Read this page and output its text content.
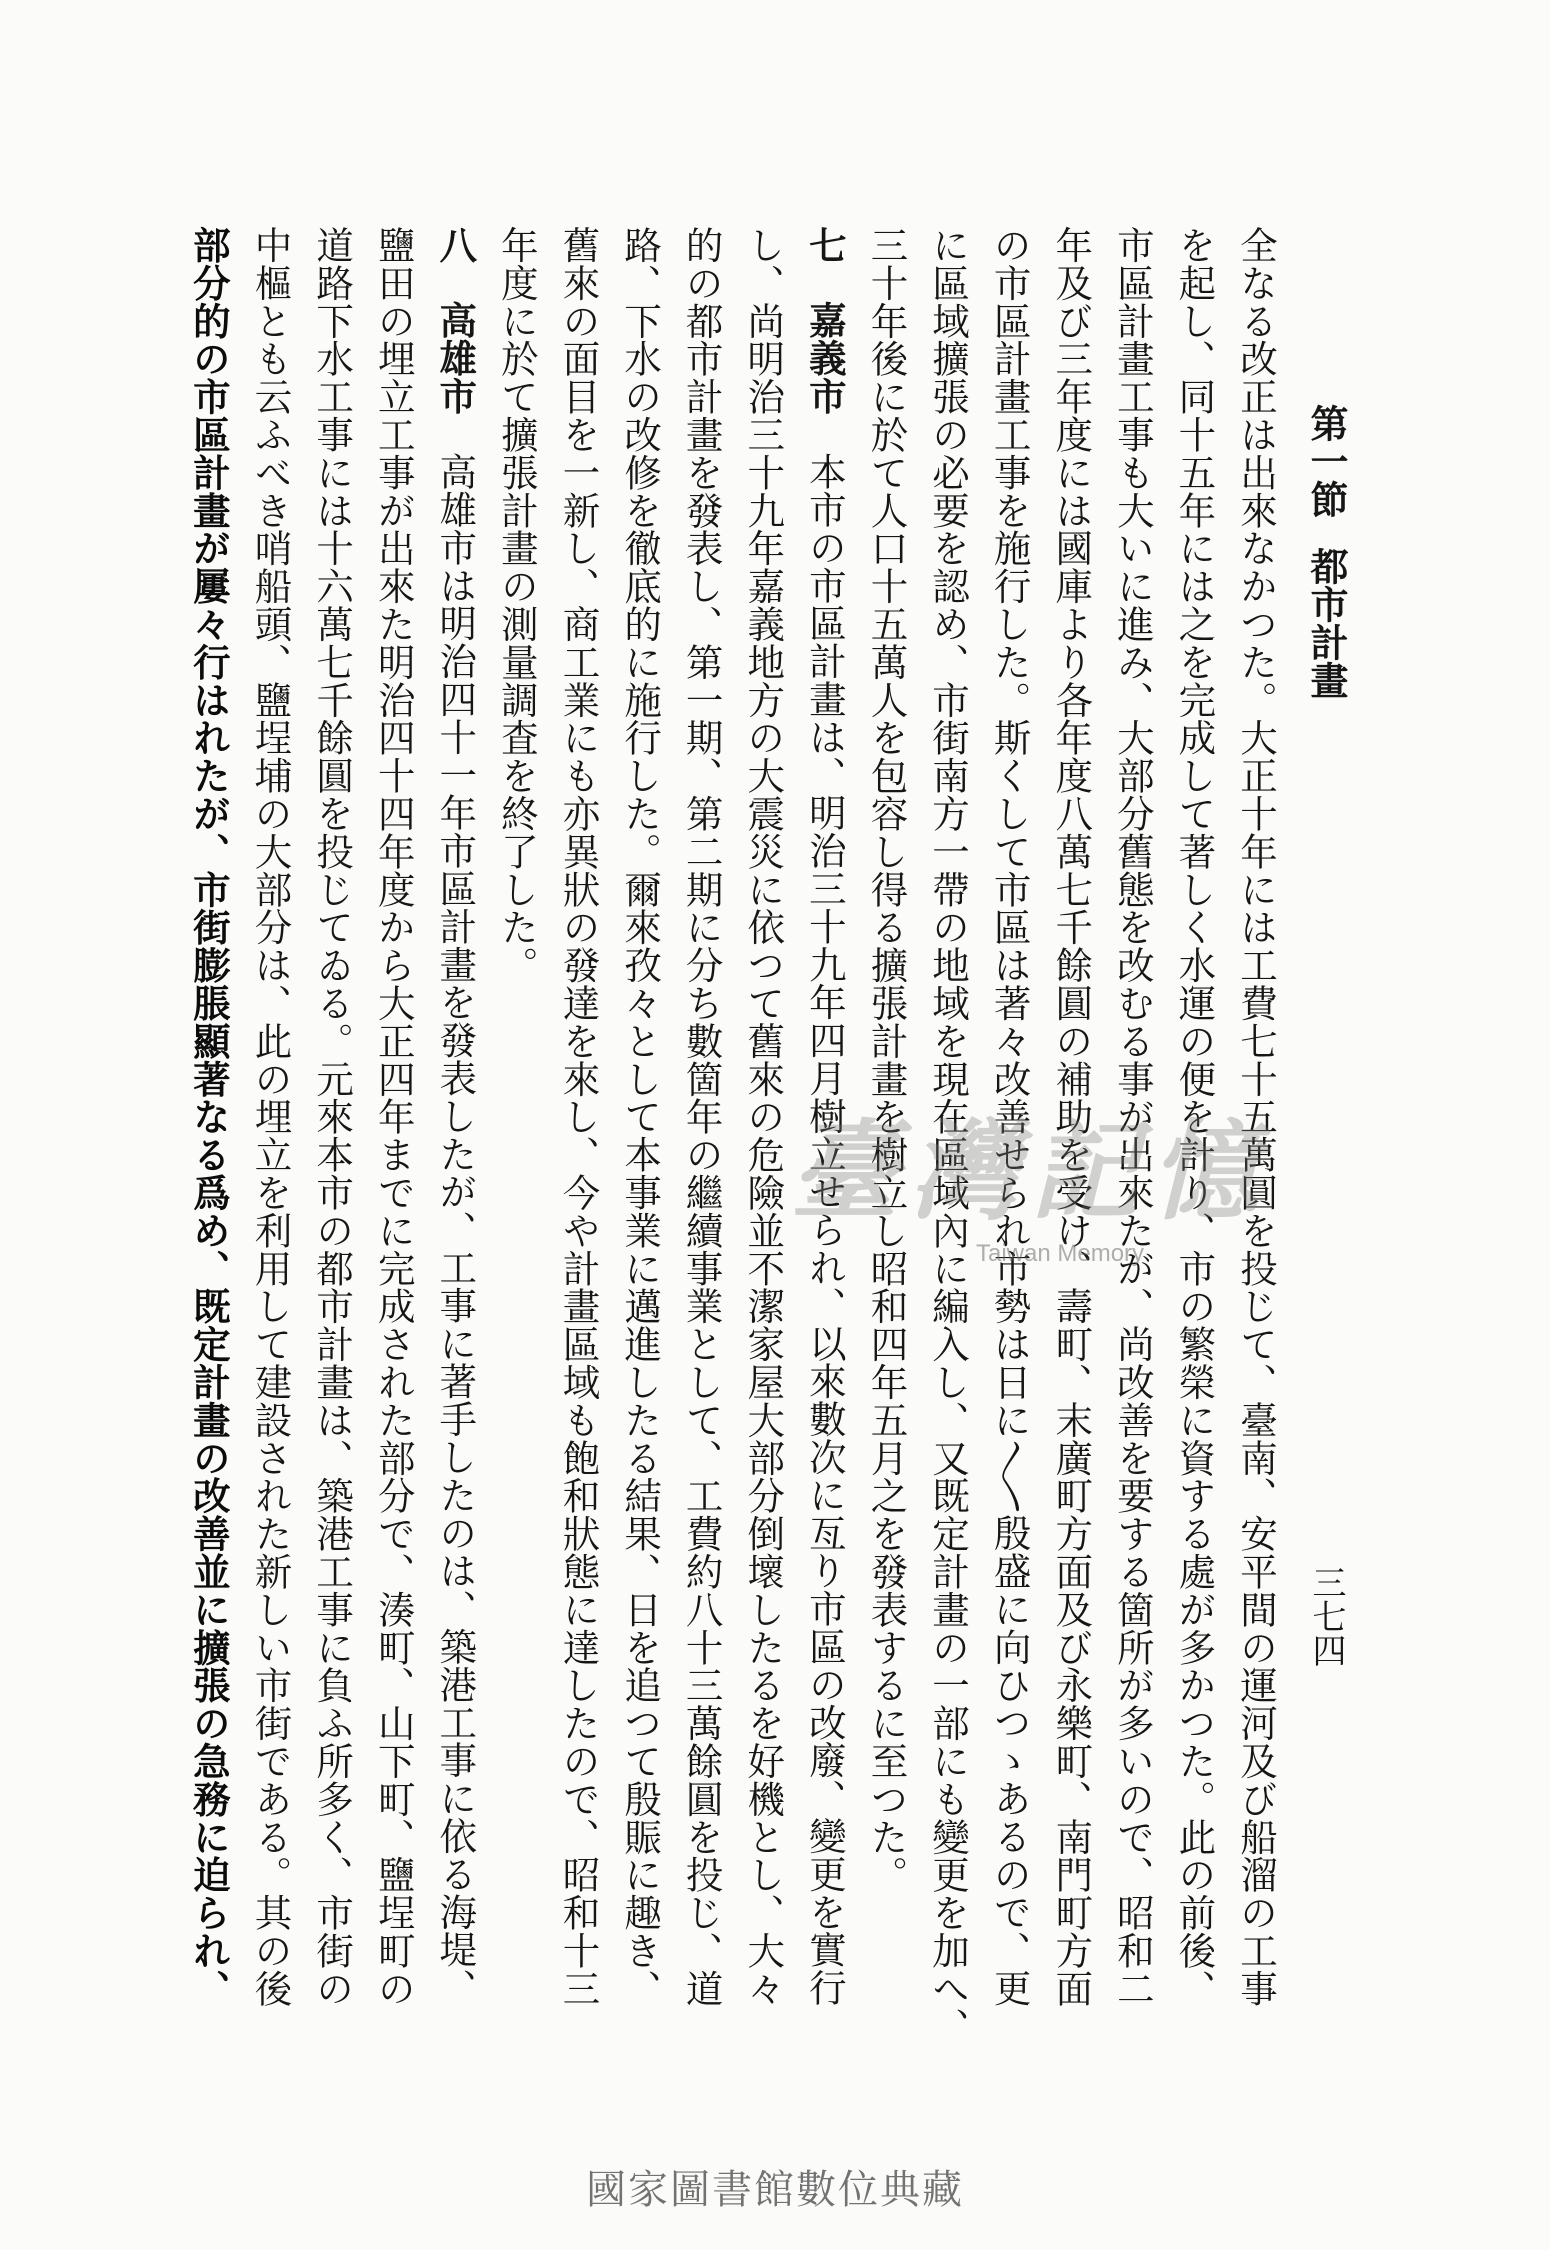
第一節都市計畫
三七四
全なる改正は出來なかつた。大正十年には工費七十五萬圓を投じて、臺南、安平間の運河及び船溜の工事
を起し、同十五年には之を完成して著しく水運の便を計り、市の繁榮に資する處が多かつた。此の前後、
市區計畫工事も大いに進み、大部分舊態を改むる事が出來たが、尚改善を要する箇所が多いので、昭和二
年及び三年度には國庫より各年度八萬七千餘圓の補助を受け、壽町、末廣町方面及び永樂町、南門町方面
の市區計畫工事を施行した。斯くして市區は著々改善せられ市勢は日に〳〵殷盛に向ひつゝあるので、更
に區域擴張の必要を認め、市街南方一帶の地域を現在區域內に編入し、又既定計畫の一部にも變更を加へ、
三十年後に於て人口十五萬人を包容し得る擴張計畫を樹立し昭和四年五月之を發表するに至つた。
七嘉義市本市の市區計畫は、明治三十九年四月樹立せられ、以來數次に亙り市區の改廢、變更を實行
し、尚明治三十九年嘉義地方の大震災に依つて舊來の危險並不潔家屋大部分倒壞したるを好機とし、大々
的の都市計畫を發表し、第一期、第二期に分ち數箇年の繼續事業として、工費約八十三萬餘圓を投じ、道
路、下水の改修を徹底的に施行した。爾來孜々として本事業に邁進したる結果、日を追つて殷賑に趣き、
舊來の面目を一新し、商工業にも亦異狀の發達を來し、今や計畫區域も飽和狀態に達したので、昭和十三
年度に於て擴張計畫の測量調査を終了した。
八高雄市高雄市は明治四十一年市區計畫を發表したが、工事に著手したのは、築港工事に依る海堤、
鹽田の埋立工事が出來た明治四十四年度から大正四年までに完成された部分で、湊町、山下町、鹽埕町の
道路下水工事には十六萬七千餘圓を投じてゐる。元來本市の都市計畫は、築港工事に負ふ所多く、市街の
中樞とも云ふべき哨船頭、鹽埕埔の大部分は、此の埋立を利用して建設された新しい市街である。其の後
部分的の市區計畫が屢々行はれたが、市街膨脹顯著なる爲め、既定計畫の改善並に擴張の急務に迫られ、	臺灣記憶
Taiwan Memory
國家圖書館數位典藏
